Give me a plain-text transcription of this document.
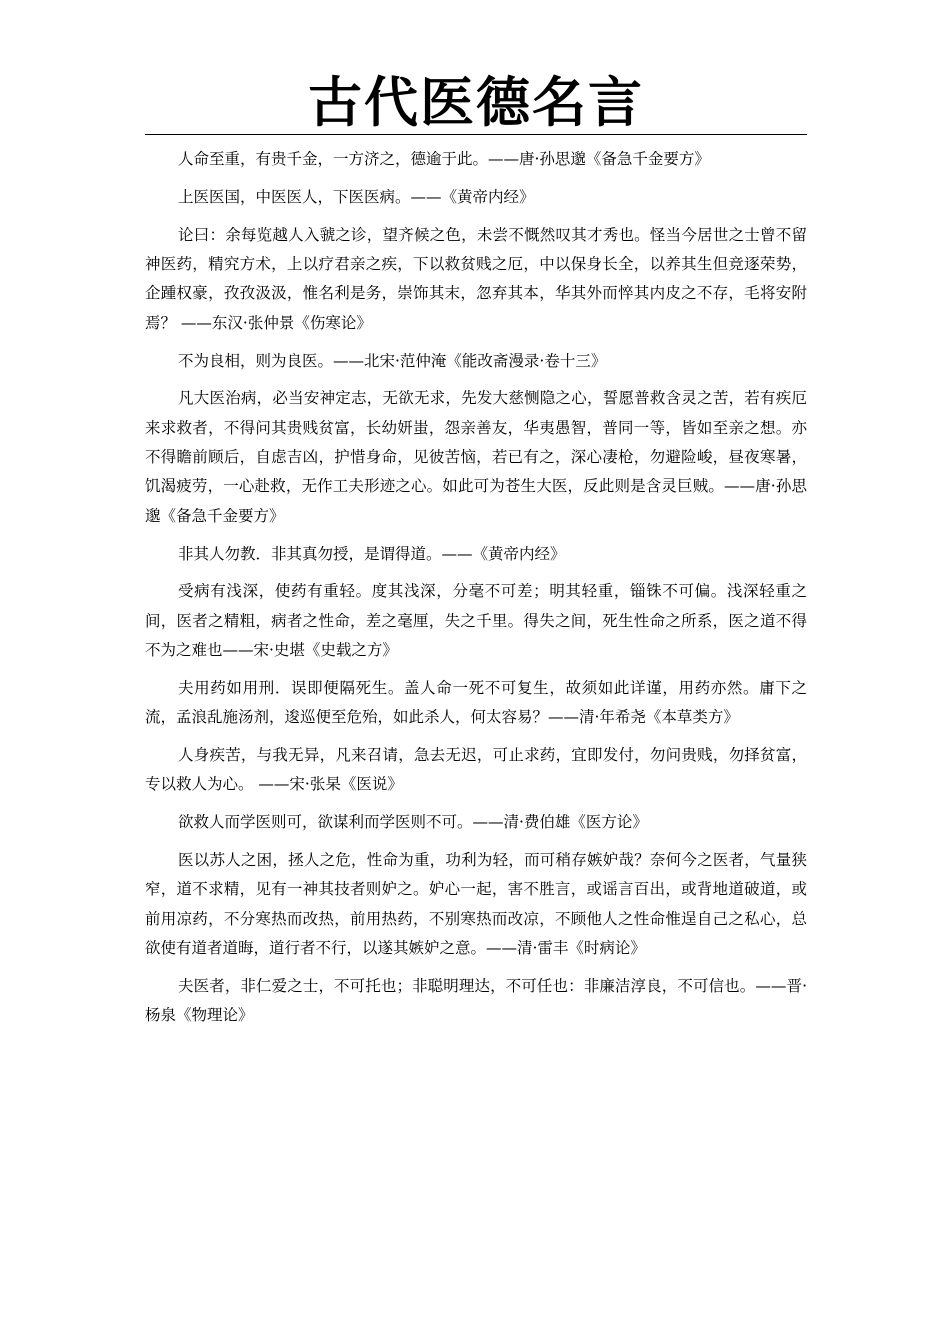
古代医德名言

人命至重，有贵千金，一方济之，德逾于此。——唐·孙思邈《备急千金要方》

上医医国，中医医人，下医医病。——《黄帝内经》

论曰：余每览越人入虢之诊，望齐候之色，未尝不慨然叹其才秀也。怪当今居世之士曾不留神医药，精究方术，上以疗君亲之疾，下以救贫贱之厄，中以保身长全，以养其生但竞逐荣势，企踵权豪，孜孜汲汲，惟名利是务，崇饰其末，忽弃其本，华其外而悴其内皮之不存，毛将安附焉？ ——东汉·张仲景《伤寒论》

不为良相，则为良医。——北宋·范仲淹《能改斋漫录·卷十三》

凡大医治病，必当安神定志，无欲无求，先发大慈恻隐之心，誓愿普救含灵之苦，若有疾厄来求救者，不得问其贵贱贫富，长幼妍蚩，怨亲善友，华夷愚智，普同一等，皆如至亲之想。亦不得瞻前顾后，自虑吉凶，护惜身命，见彼苦恼，若已有之，深心凄枪，勿避险峻，昼夜寒暑，饥渴疲劳，一心赴救，无作工夫形迹之心。如此可为苍生大医，反此则是含灵巨贼。——唐·孙思邈《备急千金要方》

非其人勿教．非其真勿授，是谓得道。——《黄帝内经》

受病有浅深，使药有重轻。度其浅深，分毫不可差；明其轻重，锱铢不可偏。浅深轻重之间，医者之精粗，病者之性命，差之毫厘，失之千里。得失之间，死生性命之所系，医之道不得不为之难也——宋·史堪《史载之方》

夫用药如用刑．误即便隔死生。盖人命一死不可复生，故须如此详谨，用药亦然。庸下之流，孟浪乱施汤剂，逡巡便至危殆，如此杀人，何太容易？——清·年希尧《本草类方》

人身疾苦，与我无异，凡来召请，急去无迟，可止求药，宜即发付，勿问贵贱，勿择贫富，专以救人为心。 ——宋·张杲《医说》

欲救人而学医则可，欲谋利而学医则不可。——清·费伯雄《医方论》

医以苏人之困，拯人之危，性命为重，功利为轻，而可稍存嫉妒哉？奈何今之医者，气量狭窄，道不求精，见有一神其技者则妒之。妒心一起，害不胜言，或谣言百出，或背地道破道，或前用凉药，不分寒热而改热，前用热药，不别寒热而改凉，不顾他人之性命惟逞自己之私心，总欲使有道者道晦，道行者不行，以遂其嫉妒之意。——清·雷丰《时病论》

夫医者，非仁爱之士，不可托也；非聪明理达，不可任也：非廉洁淳良，不可信也。——晋·杨泉《物理论》
